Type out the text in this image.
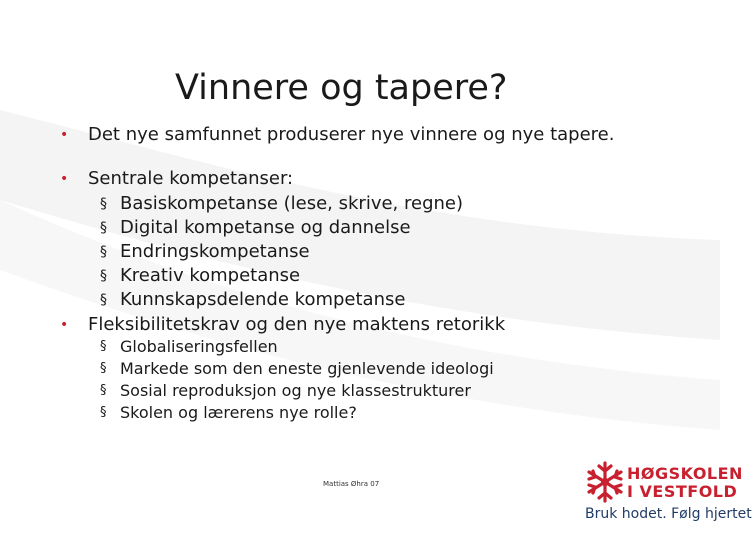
Vinnere og tapere?
• Det nye samfunnet produserer nye vinnere og nye tapere.
• Sentrale kompetanser:
§ Basiskompetanse (lese, skrive, regne)
§ Digital kompetanse og dannelse
§ Endringskompetanse
§ Kreativ kompetanse
§ Kunnskapsdelende kompetanse
• Fleksibilitetskrav og den nye maktens retorikk
§ Globaliseringsfellen
§ Markede som den eneste gjenlevende ideologi
§ Sosial reproduksjon og nye klassestrukturer
§ Skolen og lærerens nye rolle?
Mattias Øhra 07
HØGSKOLEN
I VESTFOLD
Bruk hodet. Følg hjertet
